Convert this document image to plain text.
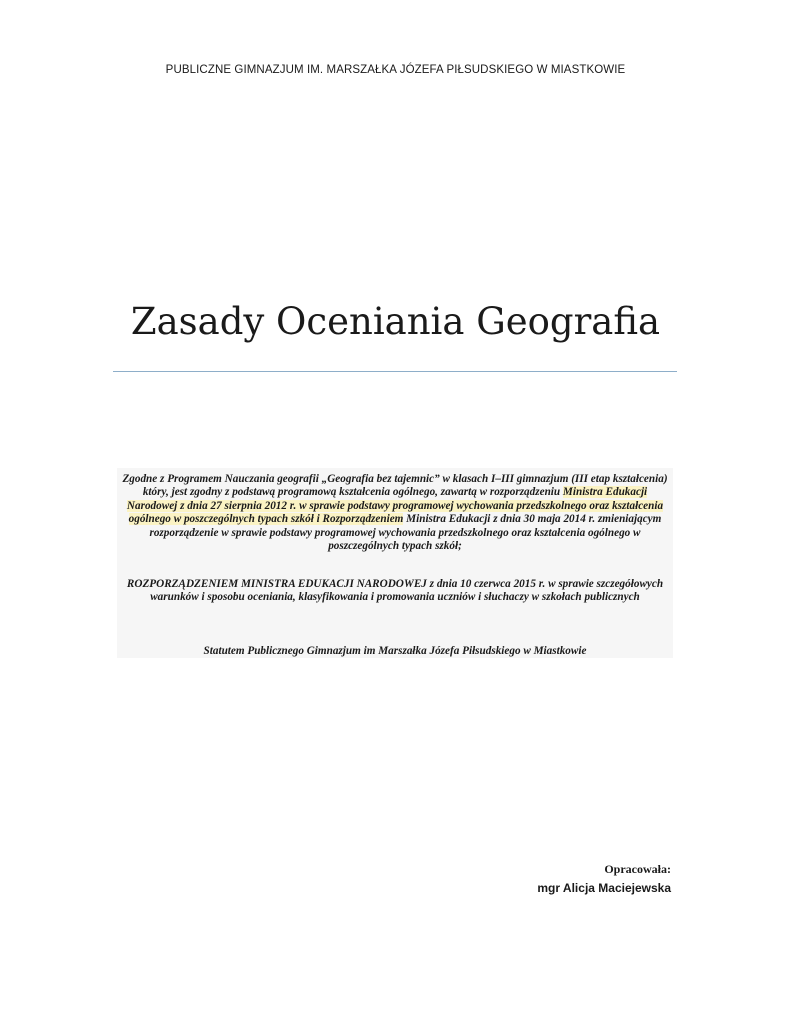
PUBLICZNE GIMNAZJUM IM. MARSZAŁKA JÓZEFA PIŁSUDSKIEGO W MIASTKOWIE
Zasady Oceniania Geografia

Zgodne z Programem Nauczania geografii „Geografia bez tajemnic” w klasach I–III gimnazjum (III etap kształcenia) który, jest zgodny z podstawą programową kształcenia ogólnego, zawartą w rozporządzeniu Ministra Edukacji Narodowej z dnia 27 sierpnia 2012 r. w sprawie podstawy programowej wychowania przedszkolnego oraz kształcenia ogólnego w poszczególnych typach szkół i Rozporządzeniem Ministra Edukacji z dnia 30 maja 2014 r. zmieniającym rozporządzenie w sprawie podstawy programowej wychowania przedszkolnego oraz kształcenia ogólnego w poszczególnych typach szkół;

ROZPORZĄDZENIEM MINISTRA EDUKACJI NARODOWEJ z dnia 10 czerwca 2015 r. w sprawie szczegółowych warunków i sposobu oceniania, klasyfikowania i promowania uczniów i słuchaczy w szkołach publicznych

Statutem Publicznego Gimnazjum im Marszałka Józefa Piłsudskiego w Miastkowie

Opracowała:
mgr Alicja Maciejewska
